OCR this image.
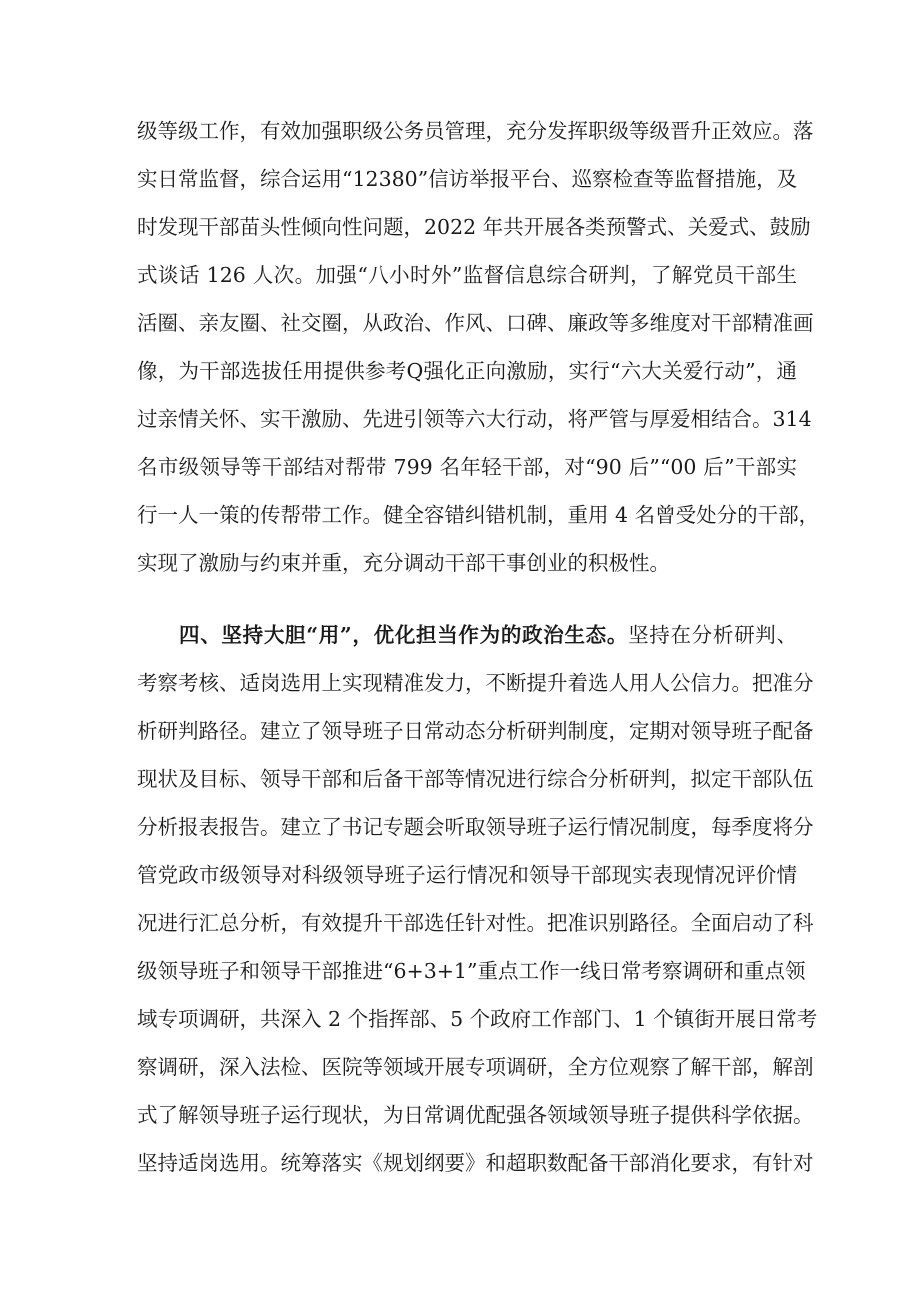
级等级工作，有效加强职级公务员管理，充分发挥职级等级晋升正效应。落
实日常监督，综合运用“12380”信访举报平台、巡察检查等监督措施，及
时发现干部苗头性倾向性问题，2022 年共开展各类预警式、关爱式、鼓励
式谈话 126 人次。加强“八小时外”监督信息综合研判，了解党员干部生
活圈、亲友圈、社交圈，从政治、作风、口碑、廉政等多维度对干部精准画
像，为干部选拔任用提供参考Q强化正向激励，实行“六大关爱行动”，通
过亲情关怀、实干激励、先进引领等六大行动，将严管与厚爱相结合。314
名市级领导等干部结对帮带 799 名年轻干部，对“90 后”“00 后”干部实
行一人一策的传帮带工作。健全容错纠错机制，重用 4 名曾受处分的干部，
实现了激励与约束并重，充分调动干部干事创业的积极性。
四、坚持大胆“用”，优化担当作为的政治生态。坚持在分析研判、
考察考核、适岗选用上实现精准发力，不断提升着选人用人公信力。把准分
析研判路径。建立了领导班子日常动态分析研判制度，定期对领导班子配备
现状及目标、领导干部和后备干部等情况进行综合分析研判，拟定干部队伍
分析报表报告。建立了书记专题会听取领导班子运行情况制度，每季度将分
管党政市级领导对科级领导班子运行情况和领导干部现实表现情况评价情
况进行汇总分析，有效提升干部选任针对性。把准识别路径。全面启动了科
级领导班子和领导干部推进“6+3+1”重点工作一线日常考察调研和重点领
域专项调研，共深入 2 个指挥部、5 个政府工作部门、1 个镇街开展日常考
察调研，深入法检、医院等领域开展专项调研，全方位观察了解干部，解剖
式了解领导班子运行现状，为日常调优配强各领域领导班子提供科学依据。
坚持适岗选用。统筹落实《规划纲要》和超职数配备干部消化要求，有针对
